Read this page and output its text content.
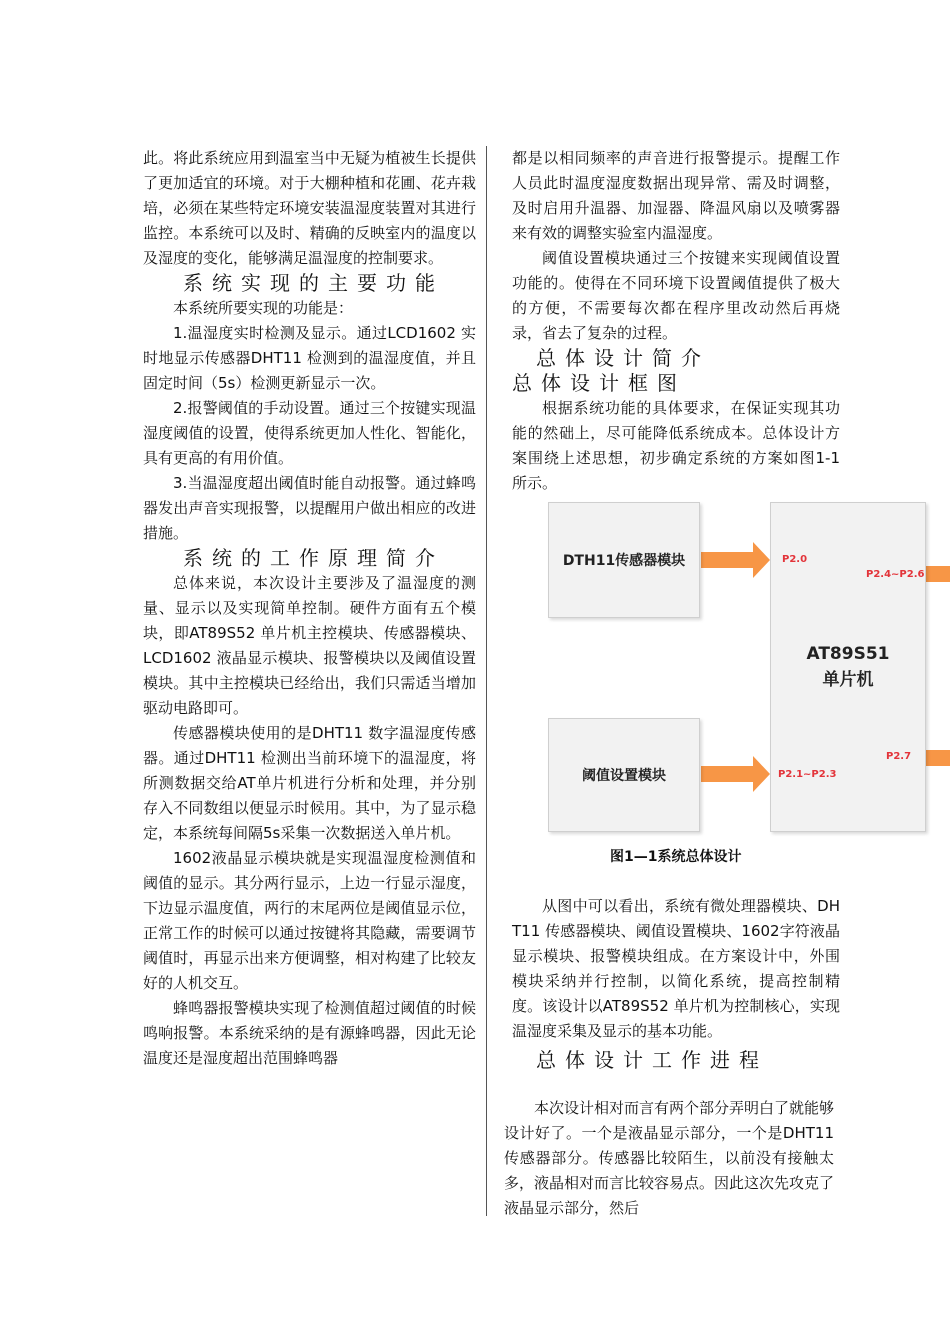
此。将此系统应用到温室当中无疑为植被生长提供了更加适宜的环境。对于大棚种植和花圃、花卉栽培，必须在某些特定环境安装温湿度装置对其进行监控。本系统可以及时、精确的反映室内的温度以及湿度的变化，能够满足温湿度的控制要求。

系统实现的主要功能

本系统所要实现的功能是：

1.温湿度实时检测及显示。通过LCD1602 实时地显示传感器DHT11 检测到的温湿度值，并且固定时间（5s）检测更新显示一次。

2.报警阈值的手动设置。通过三个按键实现温湿度阈值的设置，使得系统更加人性化、智能化，具有更高的有用价值。

3.当温湿度超出阈值时能自动报警。通过蜂鸣器发出声音实现报警，以提醒用户做出相应的改进措施。

系统的工作原理简介

总体来说，本次设计主要涉及了温湿度的测量、显示以及实现简单控制。硬件方面有五个模块，即AT89S52 单片机主控模块、传感器模块、LCD1602 液晶显示模块、报警模块以及阈值设置模块。其中主控模块已经给出，我们只需适当增加驱动电路即可。

传感器模块使用的是DHT11 数字温湿度传感器。通过DHT11 检测出当前环境下的温湿度，将所测数据交给AT单片机进行分析和处理，并分别存入不同数组以便显示时候用。其中，为了显示稳定，本系统每间隔5s采集一次数据送入单片机。

1602液晶显示模块就是实现温湿度检测值和阈值的显示。其分两行显示，上边一行显示湿度，下边显示温度值，两行的末尾两位是阈值显示位，正常工作的时候可以通过按键将其隐藏，需要调节阈值时，再显示出来方便调整，相对构建了比较友好的人机交互。

蜂鸣器报警模块实现了检测值超过阈值的时候鸣响报警。本系统采纳的是有源蜂鸣器，因此无论温度还是湿度超出范围蜂鸣器

都是以相同频率的声音进行报警提示。提醒工作人员此时温度湿度数据出现异常、需及时调整，及时启用升温器、加湿器、降温风扇以及喷雾器来有效的调整实验室内温湿度。

阈值设置模块通过三个按键来实现阈值设置功能的。使得在不同环境下设置阈值提供了极大的方便，不需要每次都在程序里改动然后再烧录，省去了复杂的过程。

总体设计简介

总体设计框图

根据系统功能的具体要求，在保证实现其功能的然础上，尽可能降低系统成本。总体设计方案围绕上述思想，初步确定系统的方案如图1-1 所示。

DTH11传感器模块
阈值设置模块
AT89S51
单片机
P2.0
P2.4~P2.6
P2.7
P2.1~P2.3
图1—1系统总体设计

从图中可以看出，系统有微处理器模块、DHT11 传感器模块、阈值设置模块、1602字符液晶显示模块、报警模块组成。在方案设计中，外围模块采纳并行控制，以简化系统，提高控制精度。该设计以AT89S52 单片机为控制核心，实现温湿度采集及显示的基本功能。

总体设计工作进程

本次设计相对而言有两个部分弄明白了就能够设计好了。一个是液晶显示部分，一个是DHT11 传感器部分。传感器比较陌生，以前没有接触太多，液晶相对而言比较容易点。因此这次先攻克了液晶显示部分，然后
